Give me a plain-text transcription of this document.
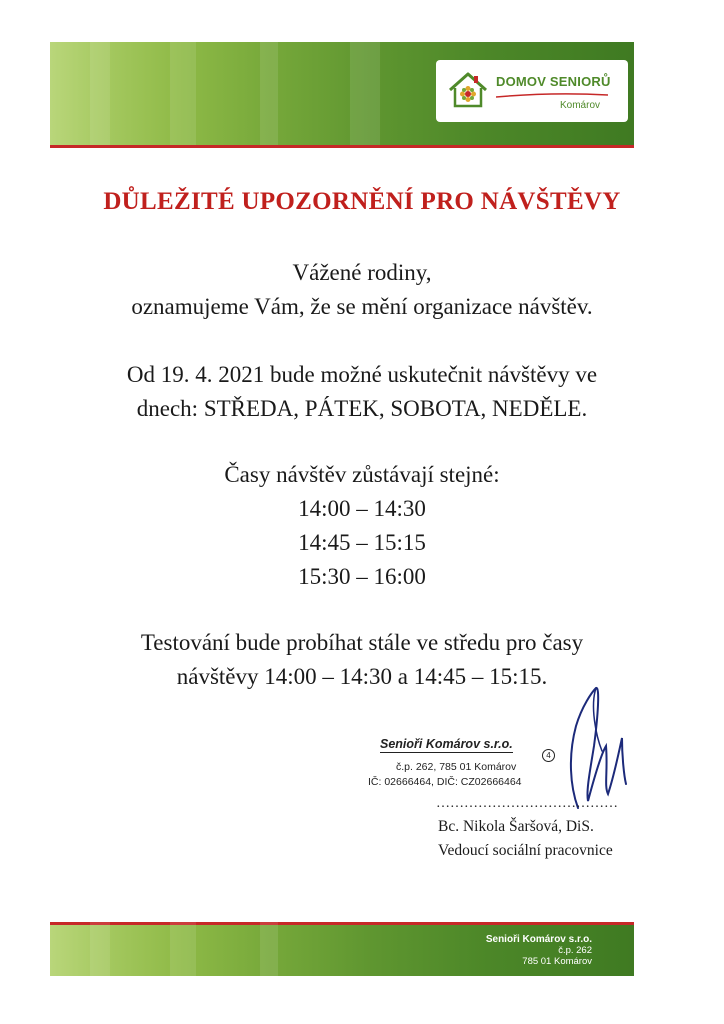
DOMOV SENIORŮ
Komárov
DŮLEŽITÉ UPOZORNĚNÍ PRO NÁVŠTĚVY
Vážené rodiny,
oznamujeme Vám, že se mění organizace návštěv.
Od 19. 4. 2021 bude možné uskutečnit návštěvy ve
dnech: STŘEDA, PÁTEK, SOBOTA, NEDĚLE.
Časy návštěv zůstávají stejné:
14:00 – 14:30
14:45 – 15:15
15:30 – 16:00
Testování bude probíhat stále ve středu pro časy
návštěvy 14:00 – 14:30 a 14:45 – 15:15.
Senioři Komárov s.r.o.
4
č.p. 262, 785 01 Komárov
IČ: 02666464, DIČ: CZ02666464
…………………………………
Bc. Nikola Šaršová, DiS.
Vedoucí sociální pracovnice
Senioři Komárov s.r.o.
č.p. 262
785 01 Komárov
